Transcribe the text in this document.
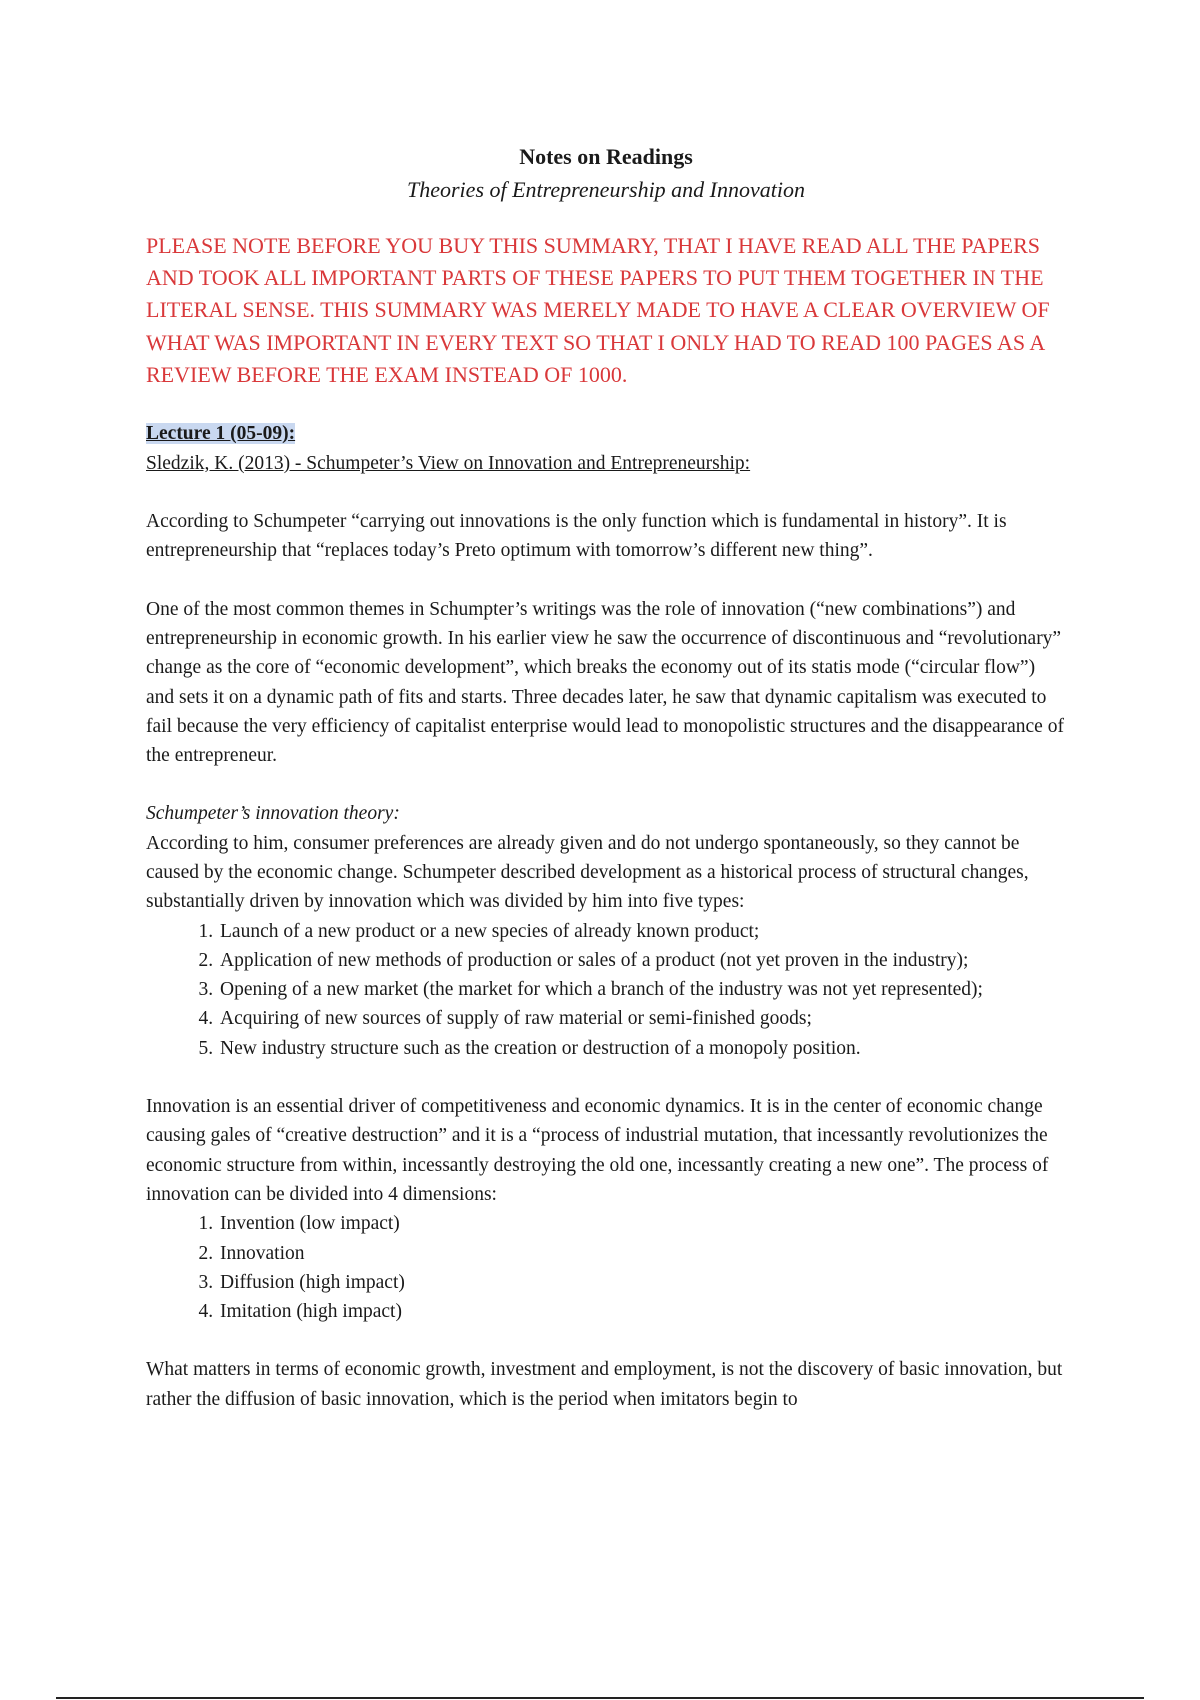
Notes on Readings
Theories of Entrepreneurship and Innovation

PLEASE NOTE BEFORE YOU BUY THIS SUMMARY, THAT I HAVE READ ALL THE PAPERS AND TOOK ALL IMPORTANT PARTS OF THESE PAPERS TO PUT THEM TOGETHER IN THE LITERAL SENSE. THIS SUMMARY WAS MERELY MADE TO HAVE A CLEAR OVERVIEW OF WHAT WAS IMPORTANT IN EVERY TEXT SO THAT I ONLY HAD TO READ 100 PAGES AS A REVIEW BEFORE THE EXAM INSTEAD OF 1000.

Lecture 1 (05-09):

Sledzik, K. (2013) - Schumpeter’s View on Innovation and Entrepreneurship:

According to Schumpeter “carrying out innovations is the only function which is fundamental in history”. It is entrepreneurship that “replaces today’s Preto optimum with tomorrow’s different new thing”.

One of the most common themes in Schumpter’s writings was the role of innovation (“new combinations”) and entrepreneurship in economic growth. In his earlier view he saw the occurrence of discontinuous and “revolutionary” change as the core of “economic development”, which breaks the economy out of its statis mode (“circular flow”) and sets it on a dynamic path of fits and starts. Three decades later, he saw that dynamic capitalism was executed to fail because the very efficiency of capitalist enterprise would lead to monopolistic structures and the disappearance of the entrepreneur.

Schumpeter’s innovation theory:

According to him, consumer preferences are already given and do not undergo spontaneously, so they cannot be caused by the economic change. Schumpeter described development as a historical process of structural changes, substantially driven by innovation which was divided by him into five types:

1. Launch of a new product or a new species of already known product;
2. Application of new methods of production or sales of a product (not yet proven in the industry);
3. Opening of a new market (the market for which a branch of the industry was not yet represented);
4. Acquiring of new sources of supply of raw material or semi-finished goods;
5. New industry structure such as the creation or destruction of a monopoly position.

Innovation is an essential driver of competitiveness and economic dynamics. It is in the center of economic change causing gales of “creative destruction” and it is a “process of industrial mutation, that incessantly revolutionizes the economic structure from within, incessantly destroying the old one, incessantly creating a new one”. The process of innovation can be divided into 4 dimensions:

1. Invention (low impact)
2. Innovation
3. Diffusion (high impact)
4. Imitation (high impact)

What matters in terms of economic growth, investment and employment, is not the discovery of basic innovation, but rather the diffusion of basic innovation, which is the period when imitators begin to
